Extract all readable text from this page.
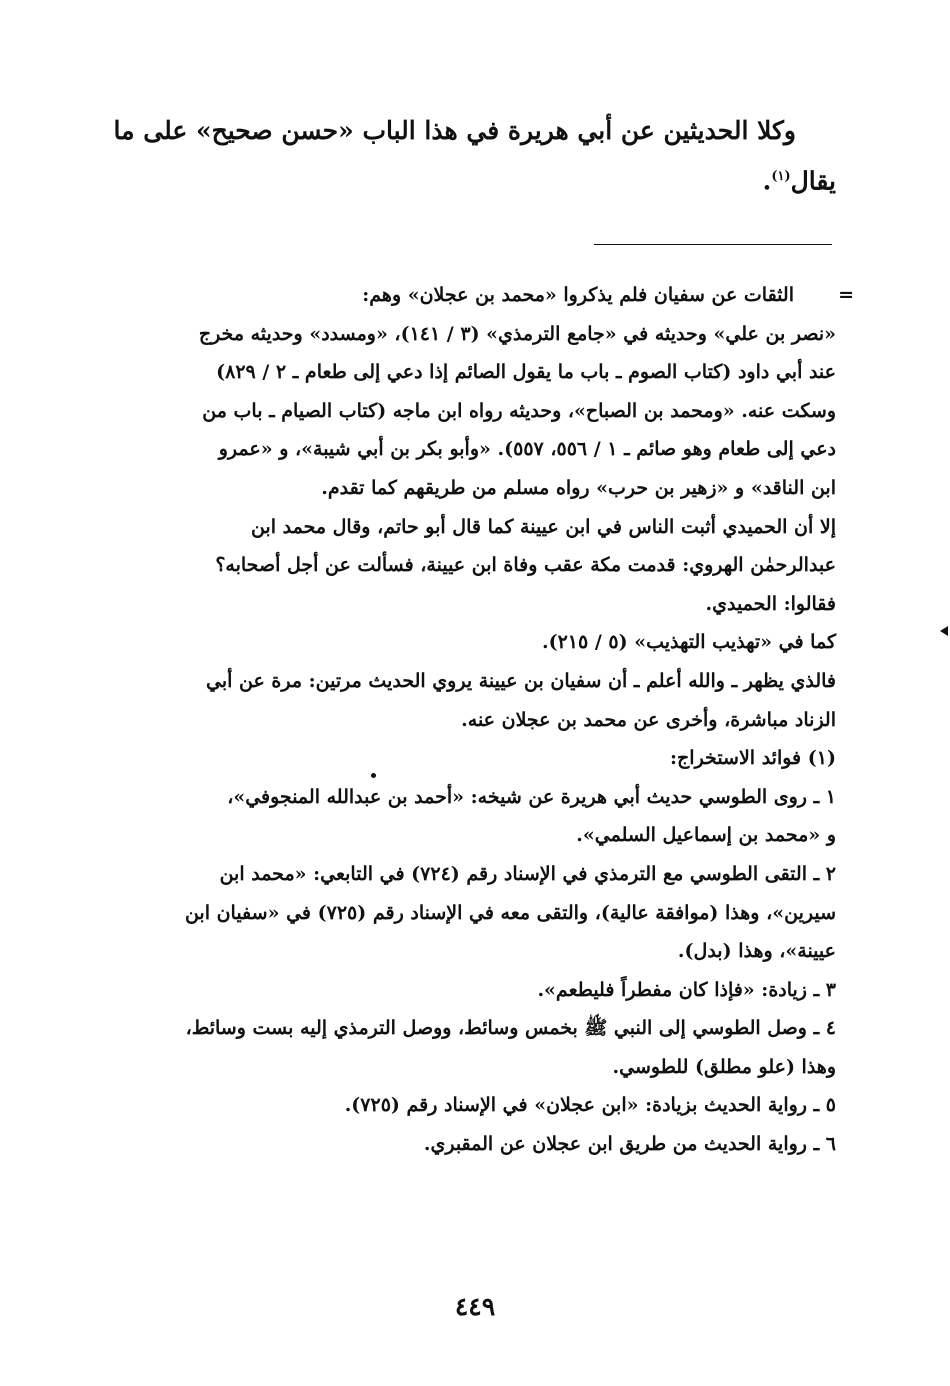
وكلا الحديثين عن أبي هريرة في هذا الباب «حسن صحيح» على ما
يقال$^{(١)}$.
=

الثقات عن سفيان فلم يذكروا «محمد بن عجلان» وهم:

«نصر بن علي» وحديثه في «جامع الترمذي» (٣ / ١٤١)، «ومسدد» وحديثه مخرج

عند أبي داود (كتاب الصوم ـ باب ما يقول الصائم إذا دعي إلى طعام ـ ٢ / ٨٢٩)

وسكت عنه. «ومحمد بن الصباح»، وحديثه رواه ابن ماجه (كتاب الصيام ـ باب من

دعي إلى طعام وهو صائم ـ ١ / ٥٥٦، ٥٥٧). «وأبو بكر بن أبي شيبة»، و «عمرو

ابن الناقد» و «زهير بن حرب» رواه مسلم من طريقهم كما تقدم.

إلا أن الحميدي أثبت الناس في ابن عيينة كما قال أبو حاتم، وقال محمد ابن

عبدالرحمٰن الهروي: قدمت مكة عقب وفاة ابن عيينة، فسألت عن أجل أصحابه؟

فقالوا: الحميدي.

كما في «تهذيب التهذيب» (٥ / ٢١٥).

فالذي يظهر ـ والله أعلم ـ أن سفيان بن عيينة يروي الحديث مرتين: مرة عن أبي

الزناد مباشرة، وأخرى عن محمد بن عجلان عنه.

(١) فوائد الاستخراج:

١ ـ روى الطوسي حديث أبي هريرة عن شيخه: «أحمد بن عبدالله المنجوفي»،

و «محمد بن إسماعيل السلمي».

٢ ـ التقى الطوسي مع الترمذي في الإسناد رقم (٧٢٤) في التابعي: «محمد ابن

سيرين»، وهذا (موافقة عالية)، والتقى معه في الإسناد رقم (٧٢٥) في «سفيان ابن

عيينة»، وهذا (بدل).

٣ ـ زيادة: «فإذا كان مفطراً فليطعم».

٤ ـ وصل الطوسي إلى النبي ﷺ بخمس وسائط، ووصل الترمذي إليه بست وسائط،

وهذا (علو مطلق) للطوسي.

٥ ـ رواية الحديث بزيادة: «ابن عجلان» في الإسناد رقم (٧٢٥).

٦ ـ رواية الحديث من طريق ابن عجلان عن المقبري.

٤٤٩
